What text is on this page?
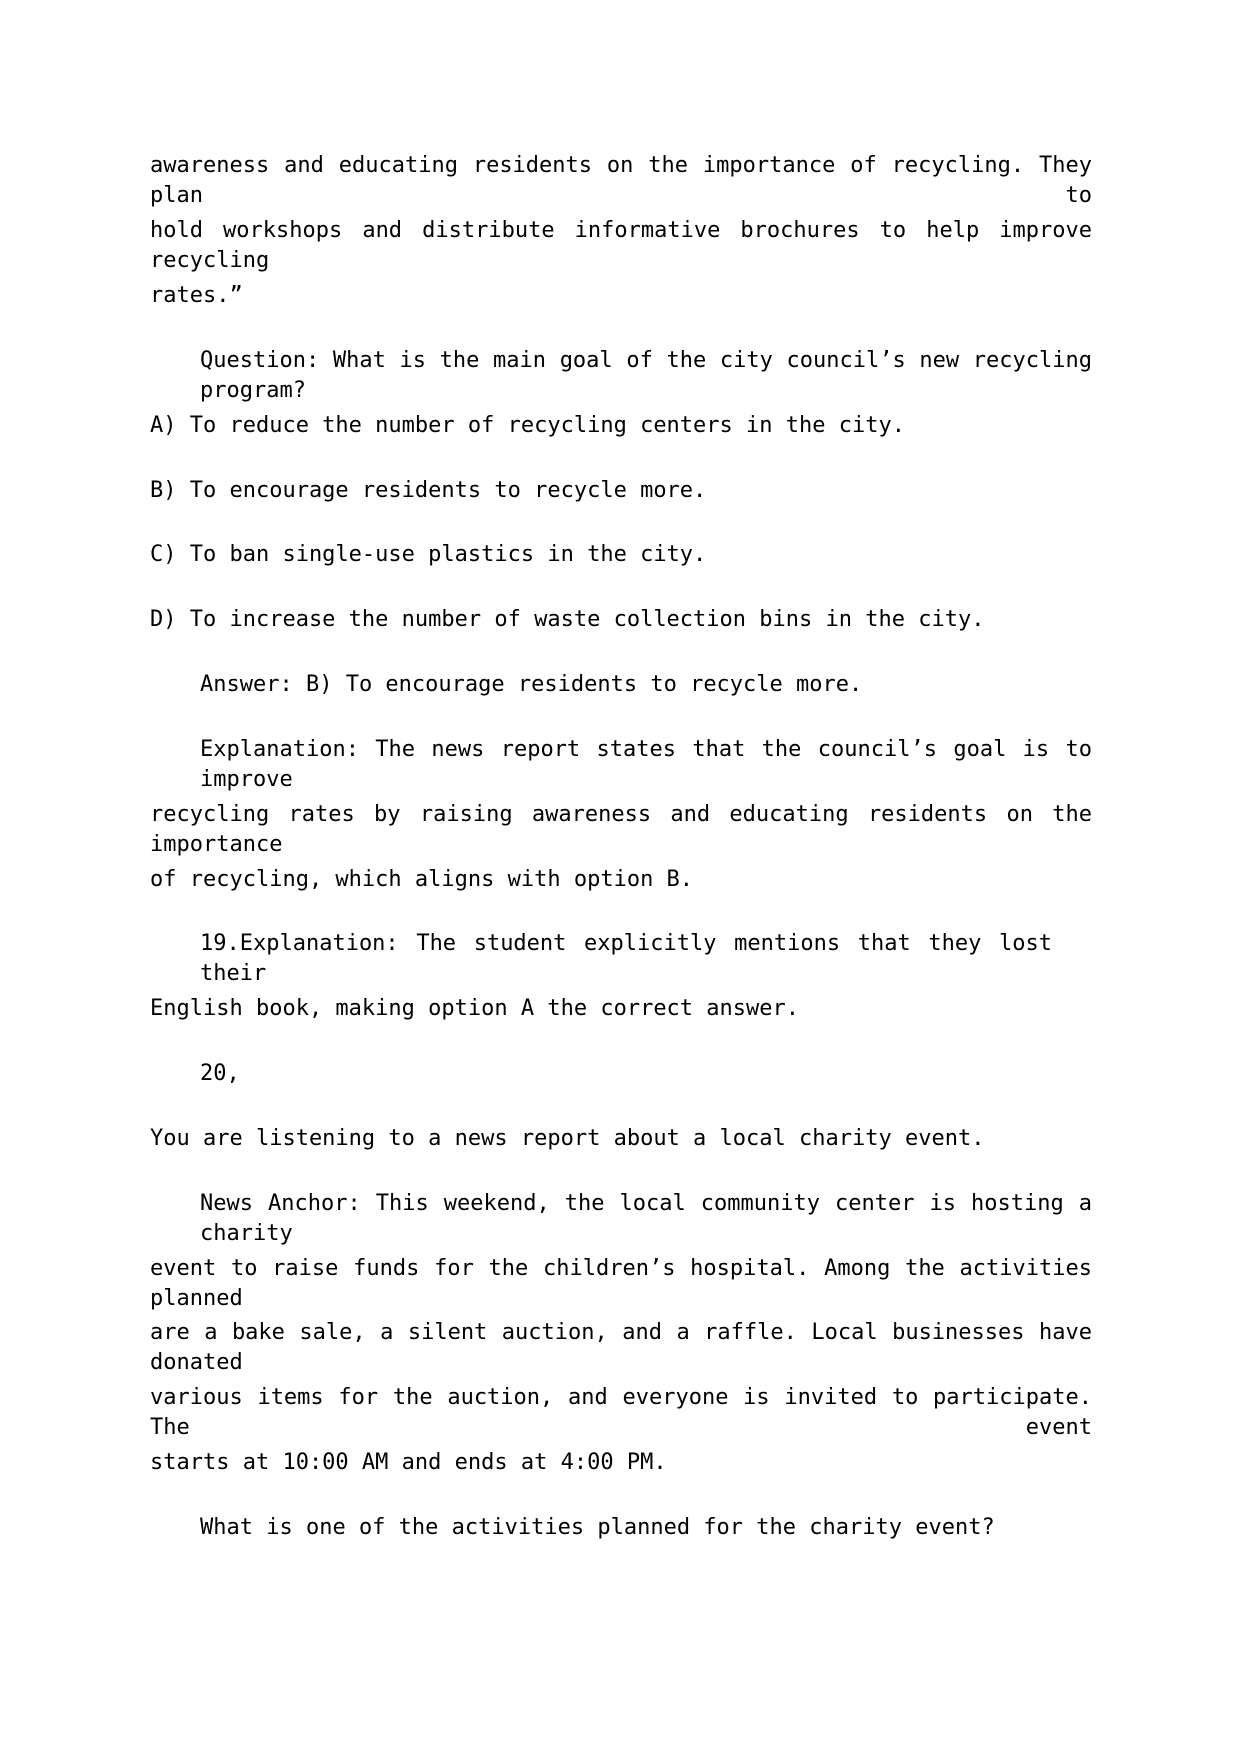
awareness and educating residents on the importance of recycling. They plan to
hold workshops and distribute informative brochures to help improve recycling
rates.”
Question: What is the main goal of the city council’s new recycling program?
A) To reduce the number of recycling centers in the city.
B) To encourage residents to recycle more.
C) To ban single-use plastics in the city.
D) To increase the number of waste collection bins in the city.
Answer: B) To encourage residents to recycle more.
Explanation: The news report states that the council’s goal is to improve
recycling rates by raising awareness and educating residents on the importance
of recycling, which aligns with option B.
19.Explanation: The student explicitly mentions that they lost their
English book, making option A the correct answer.
20,
You are listening to a news report about a local charity event.
News Anchor: This weekend, the local community center is hosting a charity
event to raise funds for the children’s hospital. Among the activities planned
are a bake sale, a silent auction, and a raffle. Local businesses have donated
various items for the auction, and everyone is invited to participate. The event
starts at 10:00 AM and ends at 4:00 PM.
What is one of the activities planned for the charity event?
